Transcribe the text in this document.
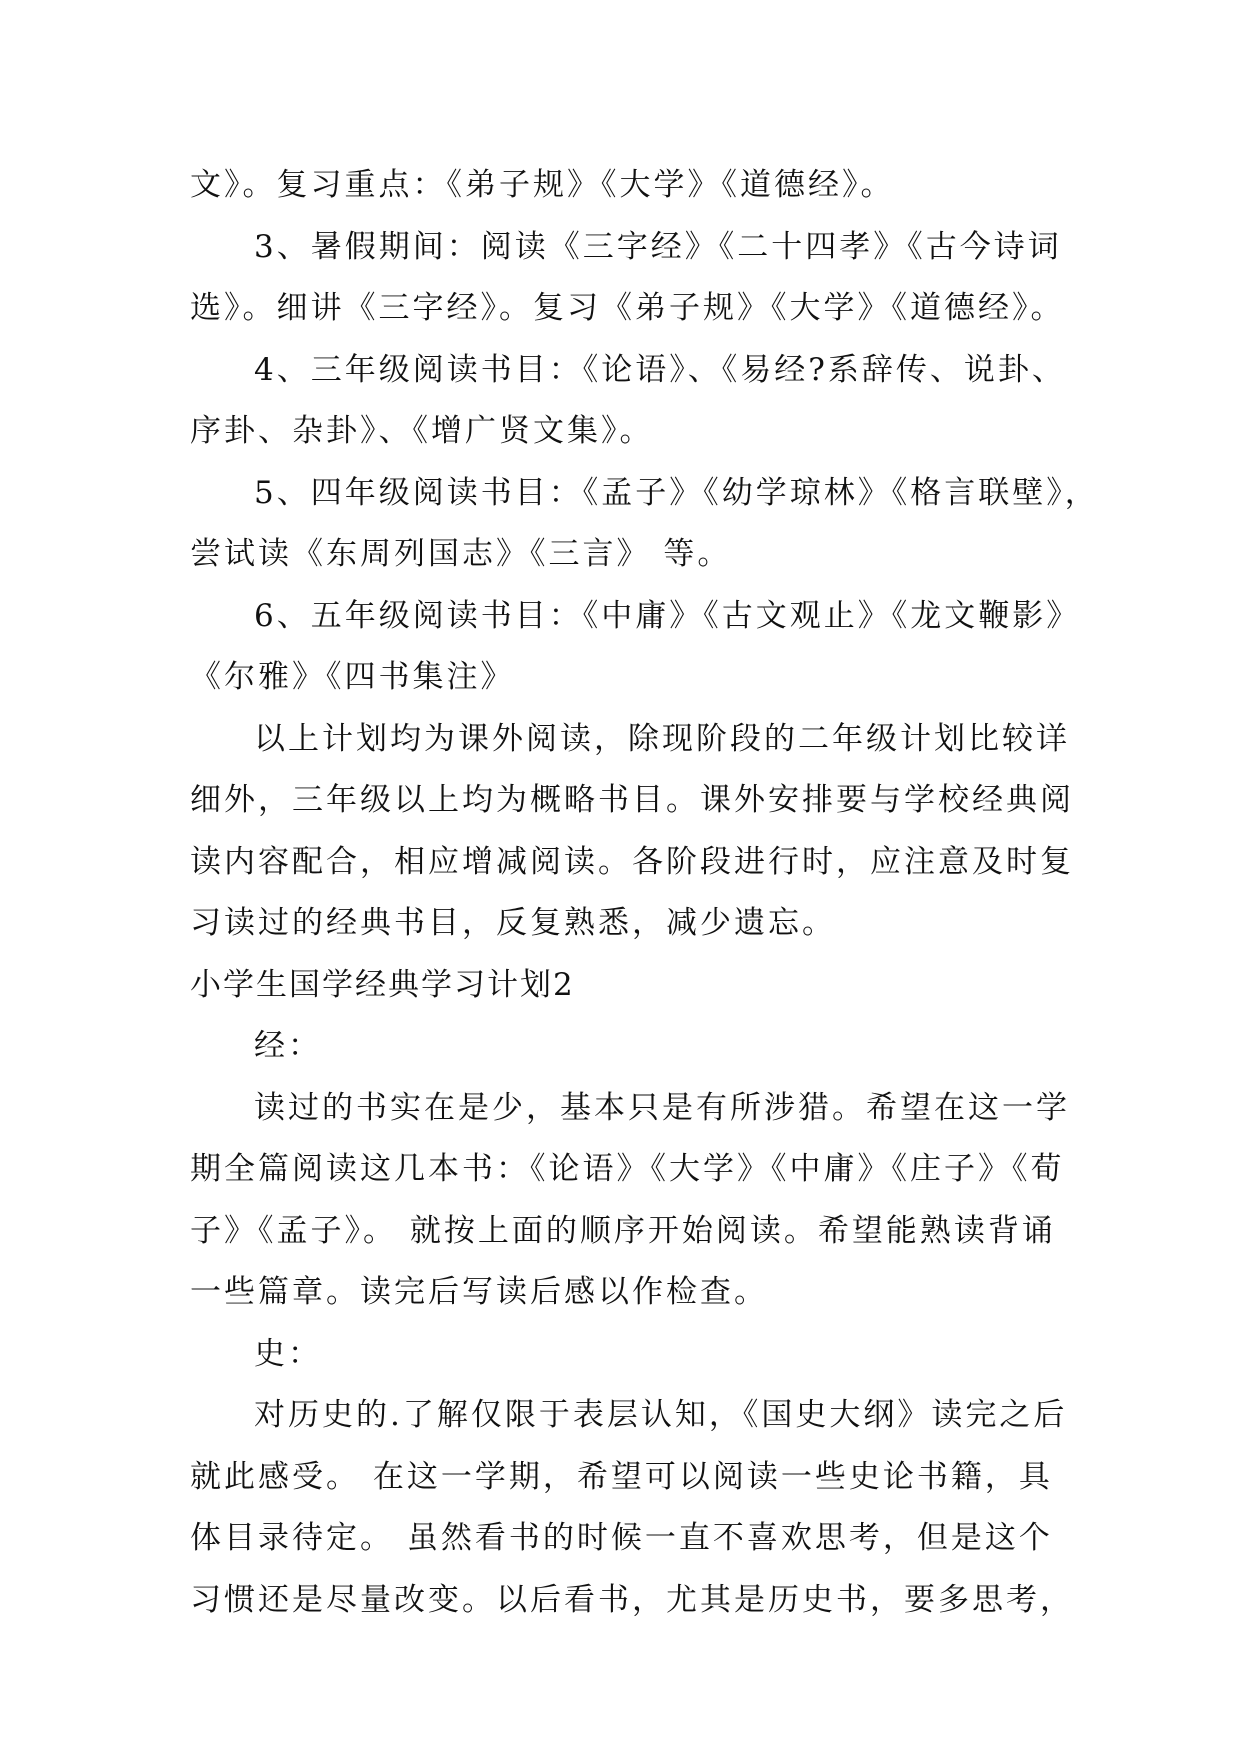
文》。复习重点：《弟子规》《大学》《道德经》。
3、暑假期间：阅读《三字经》《二十四孝》《古今诗词
选》。细讲《三字经》。复习《弟子规》《大学》《道德经》。
4、三年级阅读书目：《论语》、《易经?系辞传、说卦、
序卦、杂卦》、《增广贤文集》。
5、四年级阅读书目：《孟子》《幼学琼林》《格言联壁》，
尝试读《东周列国志》《三言》 等。
6、五年级阅读书目：《中庸》《古文观止》《龙文鞭影》
《尔雅》《四书集注》
以上计划均为课外阅读，除现阶段的二年级计划比较详
细外，三年级以上均为概略书目。课外安排要与学校经典阅
读内容配合，相应增减阅读。各阶段进行时，应注意及时复
习读过的经典书目，反复熟悉，减少遗忘。
小学生国学经典学习计划2
经：
读过的书实在是少，基本只是有所涉猎。希望在这一学
期全篇阅读这几本书：《论语》《大学》《中庸》《庄子》《荀
子》《孟子》。 就按上面的顺序开始阅读。希望能熟读背诵
一些篇章。读完后写读后感以作检查。
史：
对历史的.了解仅限于表层认知，《国史大纲》读完之后
就此感受。 在这一学期，希望可以阅读一些史论书籍，具
体目录待定。 虽然看书的时候一直不喜欢思考，但是这个
习惯还是尽量改变。以后看书，尤其是历史书，要多思考，
